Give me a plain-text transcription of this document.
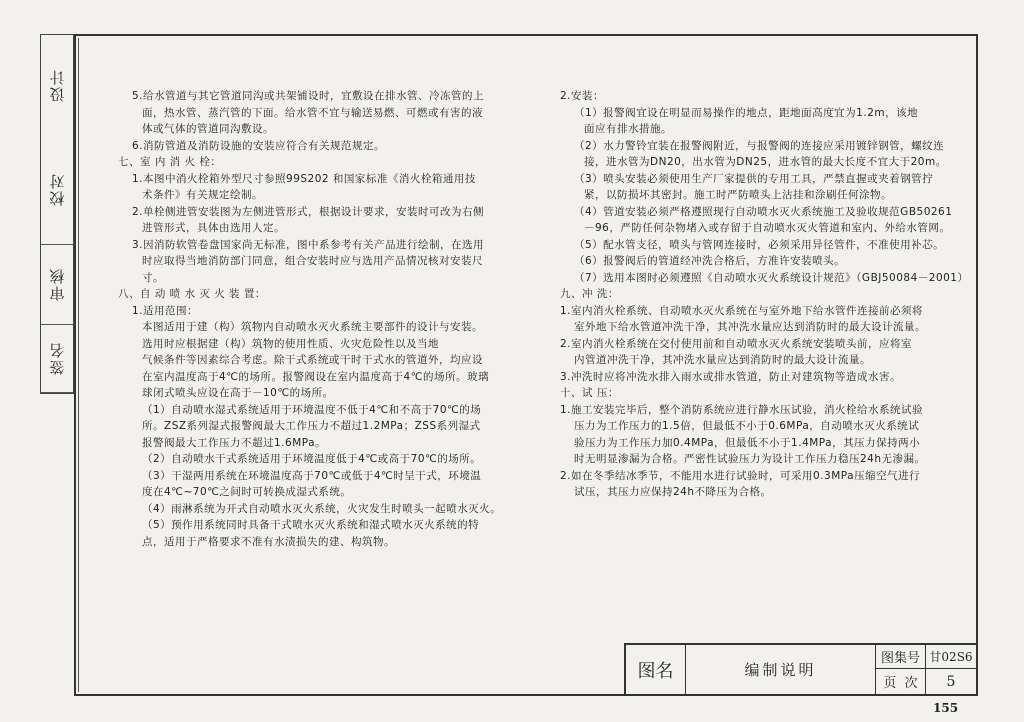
设计
校对
审核
签名

5.给水管道与其它管道同沟或共架铺设时，宜敷设在排水管、冷冻管的上

面，热水管、蒸汽管的下面。给水管不宜与输送易燃、可燃或有害的液

体或气体的管道同沟敷设。

6.消防管道及消防设施的安装应符合有关规范规定。

七、室 内 消 火 栓：

1.本图中消火栓箱外型尺寸参照99S202 和国家标准《消火栓箱通用技

术条件》有关规定绘制。

2.单栓侧进管安装图为左侧进管形式，根据设计要求，安装时可改为右侧

进管形式，具体由选用人定。

3.因消防软管卷盘国家尚无标准，图中系参考有关产品进行绘制，在选用

时应取得当地消防部门同意，组合安装时应与选用产品情况核对安装尺

寸。

八、自 动 喷 水 灭 火 装 置：

1.适用范围：

本图适用于建（构）筑物内自动喷水灭火系统主要部件的设计与安装。

选用时应根据建（构）筑物的使用性质、火灾危险性以及当地

气候条件等因素综合考虑。除干式系统或干时干式水的管道外，均应设

在室内温度高于4℃的场所。报警阀设在室内温度高于4℃的场所。玻璃

球闭式喷头应设在高于－10℃的场所。

（1）自动喷水湿式系统适用于环境温度不低于4℃和不高于70℃的场

所。ZSZ系列湿式报警阀最大工作压力不超过1.2MPa；ZSS系列湿式

报警阀最大工作压力不超过1.6MPa。

（2）自动喷水干式系统适用于环境温度低于4℃或高于70℃的场所。

（3）干湿两用系统在环境温度高于70℃或低于4℃时呈干式，环境温

度在4℃~70℃之间时可转换成湿式系统。

（4）雨淋系统为开式自动喷水灭火系统，火灾发生时喷头一起喷水灭火。

（5）预作用系统同时具备干式喷水灭火系统和湿式喷水灭火系统的特

点，适用于严格要求不准有水渍损失的建、构筑物。

2.安装：

（1）报警阀宜设在明显而易操作的地点，距地面高度宜为1.2m，该地

面应有排水措施。

（2）水力警铃宜装在报警阀附近，与报警阀的连接应采用镀锌钢管，螺纹连

接，进水管为DN20，出水管为DN25，进水管的最大长度不宜大于20m。

（3）喷头安装必须使用生产厂家提供的专用工具，严禁直握或夹着钢管拧

紧，以防损坏其密封。施工时严防喷头上沾挂和涂刷任何涂物。

（4）管道安装必须严格遵照现行自动喷水灭火系统施工及验收规范GB50261

－96，严防任何杂物堵入或存留于自动喷水灭火管道和室内、外给水管网。

（5）配水管支径，喷头与管网连接时，必须采用异径管件，不准使用补芯。

（6）报警阀后的管道经冲洗合格后，方准许安装喷头。

（7）选用本图时必须遵照《自动喷水灭火系统设计规范》（GBJ50084－2001）

九、冲 洗：

1.室内消火栓系统、自动喷水灭火系统在与室外地下给水管件连接前必须将

室外地下给水管道冲洗干净，其冲洗水量应达到消防时的最大设计流量。

2.室内消火栓系统在交付使用前和自动喷水灭火系统安装喷头前，应将室

内管道冲洗干净，其冲洗水量应达到消防时的最大设计流量。

3.冲洗时应将冲洗水排入雨水或排水管道，防止对建筑物等造成水害。

十、试 压：

1.施工安装完毕后，整个消防系统应进行静水压试验，消火栓给水系统试验

压力为工作压力的1.5倍，但最低不小于0.6MPa，自动喷水灭火系统试

验压力为工作压力加0.4MPa，但最低不小于1.4MPa，其压力保持两小

时无明显渗漏为合格。严密性试验压力为设计工作压力稳压24h无渗漏。

2.如在冬季结冰季节，不能用水进行试验时，可采用0.3MPa压缩空气进行

试压，其压力应保持24h不降压为合格。

图名	编制说明
图集号 甘02S6
页  次	5
155
